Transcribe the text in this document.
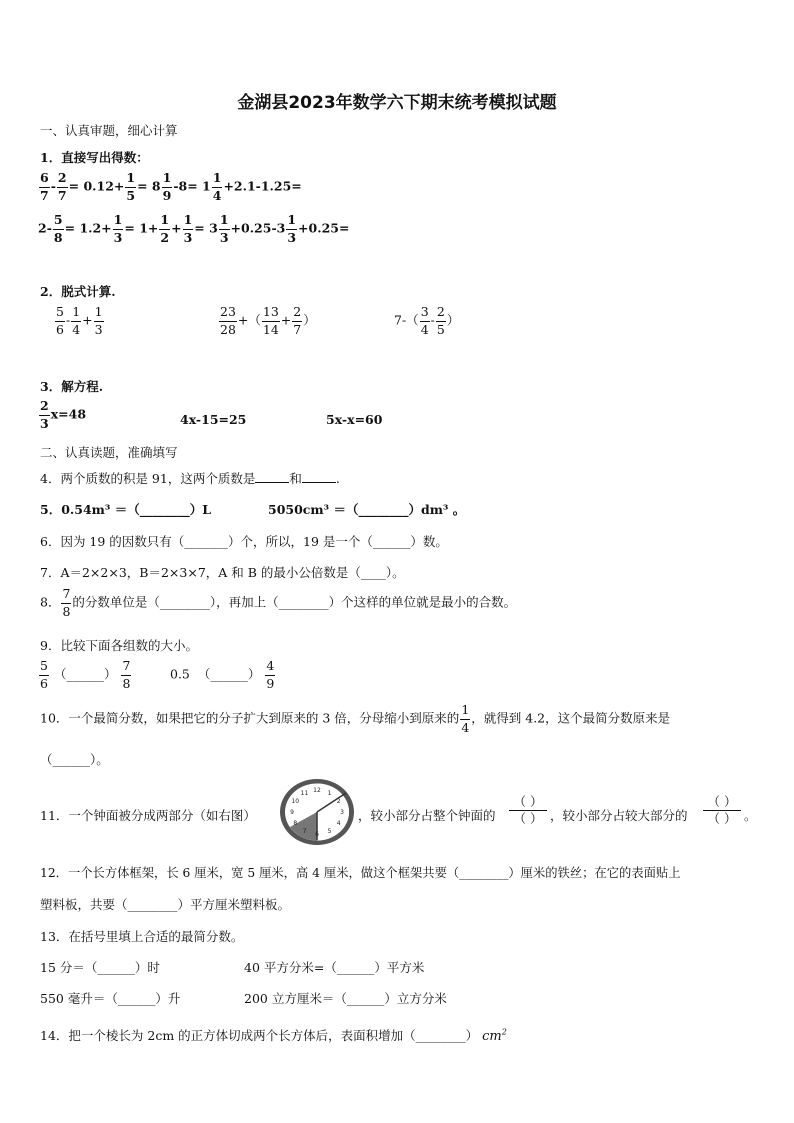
金湖县2023年数学六下期末统考模拟试题
一、认真审题，细心计算
1．直接写出得数：
$\frac{6}{7} - \frac{2}{7} = 0.12+ \frac{1}{5} = 8 \frac{1}{9} -8= 1 \frac{1}{4} +2.1-1.25=$
$2- \frac{5}{8} = 1.2+ \frac{1}{3} = 1+ \frac{1}{2} + \frac{1}{3} = 3 \frac{1}{3} +0.25-3 \frac{1}{3} +0.25=$
2．脱式计算.
$\frac{5}{6} - \frac{1}{4} + \frac{1}{3}$	$\frac{23}{28}$ +（ $\frac{13}{14} + \frac{2}{7}$ ）	$7-( \frac{3}{4} - \frac{2}{5}$ ）
3．解方程.
$\frac{2}{3} x=48$	4x-15=25	5x-x=60
二、认真读题，准确填写
4．两个质数的积是 91，这两个质数是	和	.
5．0.54m³ ＝（________）L	5050cm³ ＝（________）dm³ 。
6．因为 19 的因数只有（_______）个，所以，19 是一个（______）数。
7．A＝2×2×3，B＝2×3×7，A 和 B 的最小公倍数是（____）。
8． $\frac{7}{8}$ 的分数单位是（________），再加上（________）个这样的单位就是最小的合数。
9．比较下面各组数的大小。
$\frac{5}{6}$ （______） $\frac{7}{8}$	0.5 （______） $\frac{4}{9}$
10．一个最简分数，如果把它的分子扩大到原来的 3 倍，分母缩小到原来的 $\frac{1}{4}$ ，就得到 4.2，这个最简分数原来是
（______）。
11．一个钟面被分成两部分（如右图）
12 1
2
3
4
5
6
7
8
9
10
11
，较小部分占整个钟面的
（ ）
（ ） ，较小部分占较大部分的
（ ）
（ ） 。
12．一个长方体框架，长 6 厘米，宽 5 厘米，高 4 厘米，做这个框架共要（________）厘米的铁丝；在它的表面贴上
塑料板，共要（________）平方厘米塑料板。
13．在括号里填上合适的最简分数。
15 分＝（______）时	40 平方分米=（______）平方米
550 毫升＝（______）升	200 立方厘米＝（______）立方分米
14．把一个棱长为 2cm 的正方体切成两个长方体后，表面积增加（________） $cm^2$
